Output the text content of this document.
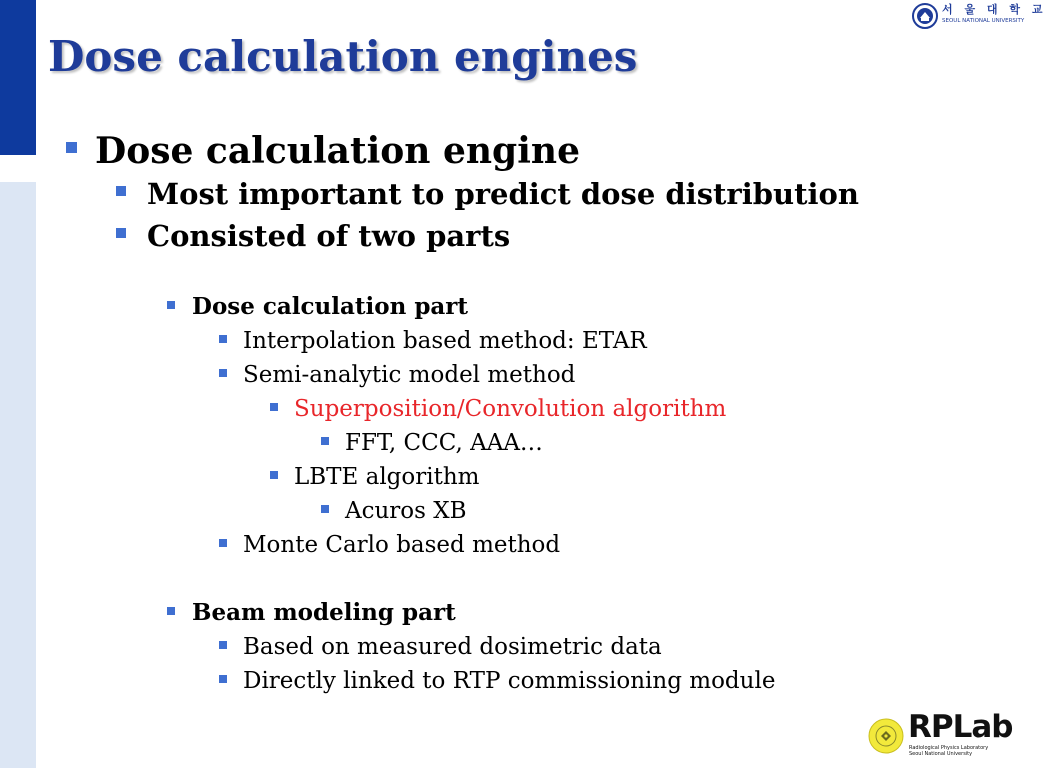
Dose calculation engines
서 울 대 학 교
SEOUL NATIONAL UNIVERSITY
Dose calculation engine
Most important to predict dose distribution
Consisted of two parts
Dose calculation part
Interpolation based method: ETAR
Semi-analytic model method
Superposition/Convolution algorithm
FFT, CCC, AAA…
LBTE algorithm
Acuros XB
Monte Carlo based method
Beam modeling part
Based on measured dosimetric data
Directly linked to RTP commissioning module
RPLab
Radiological Physics Laboratory
Seoul National University
